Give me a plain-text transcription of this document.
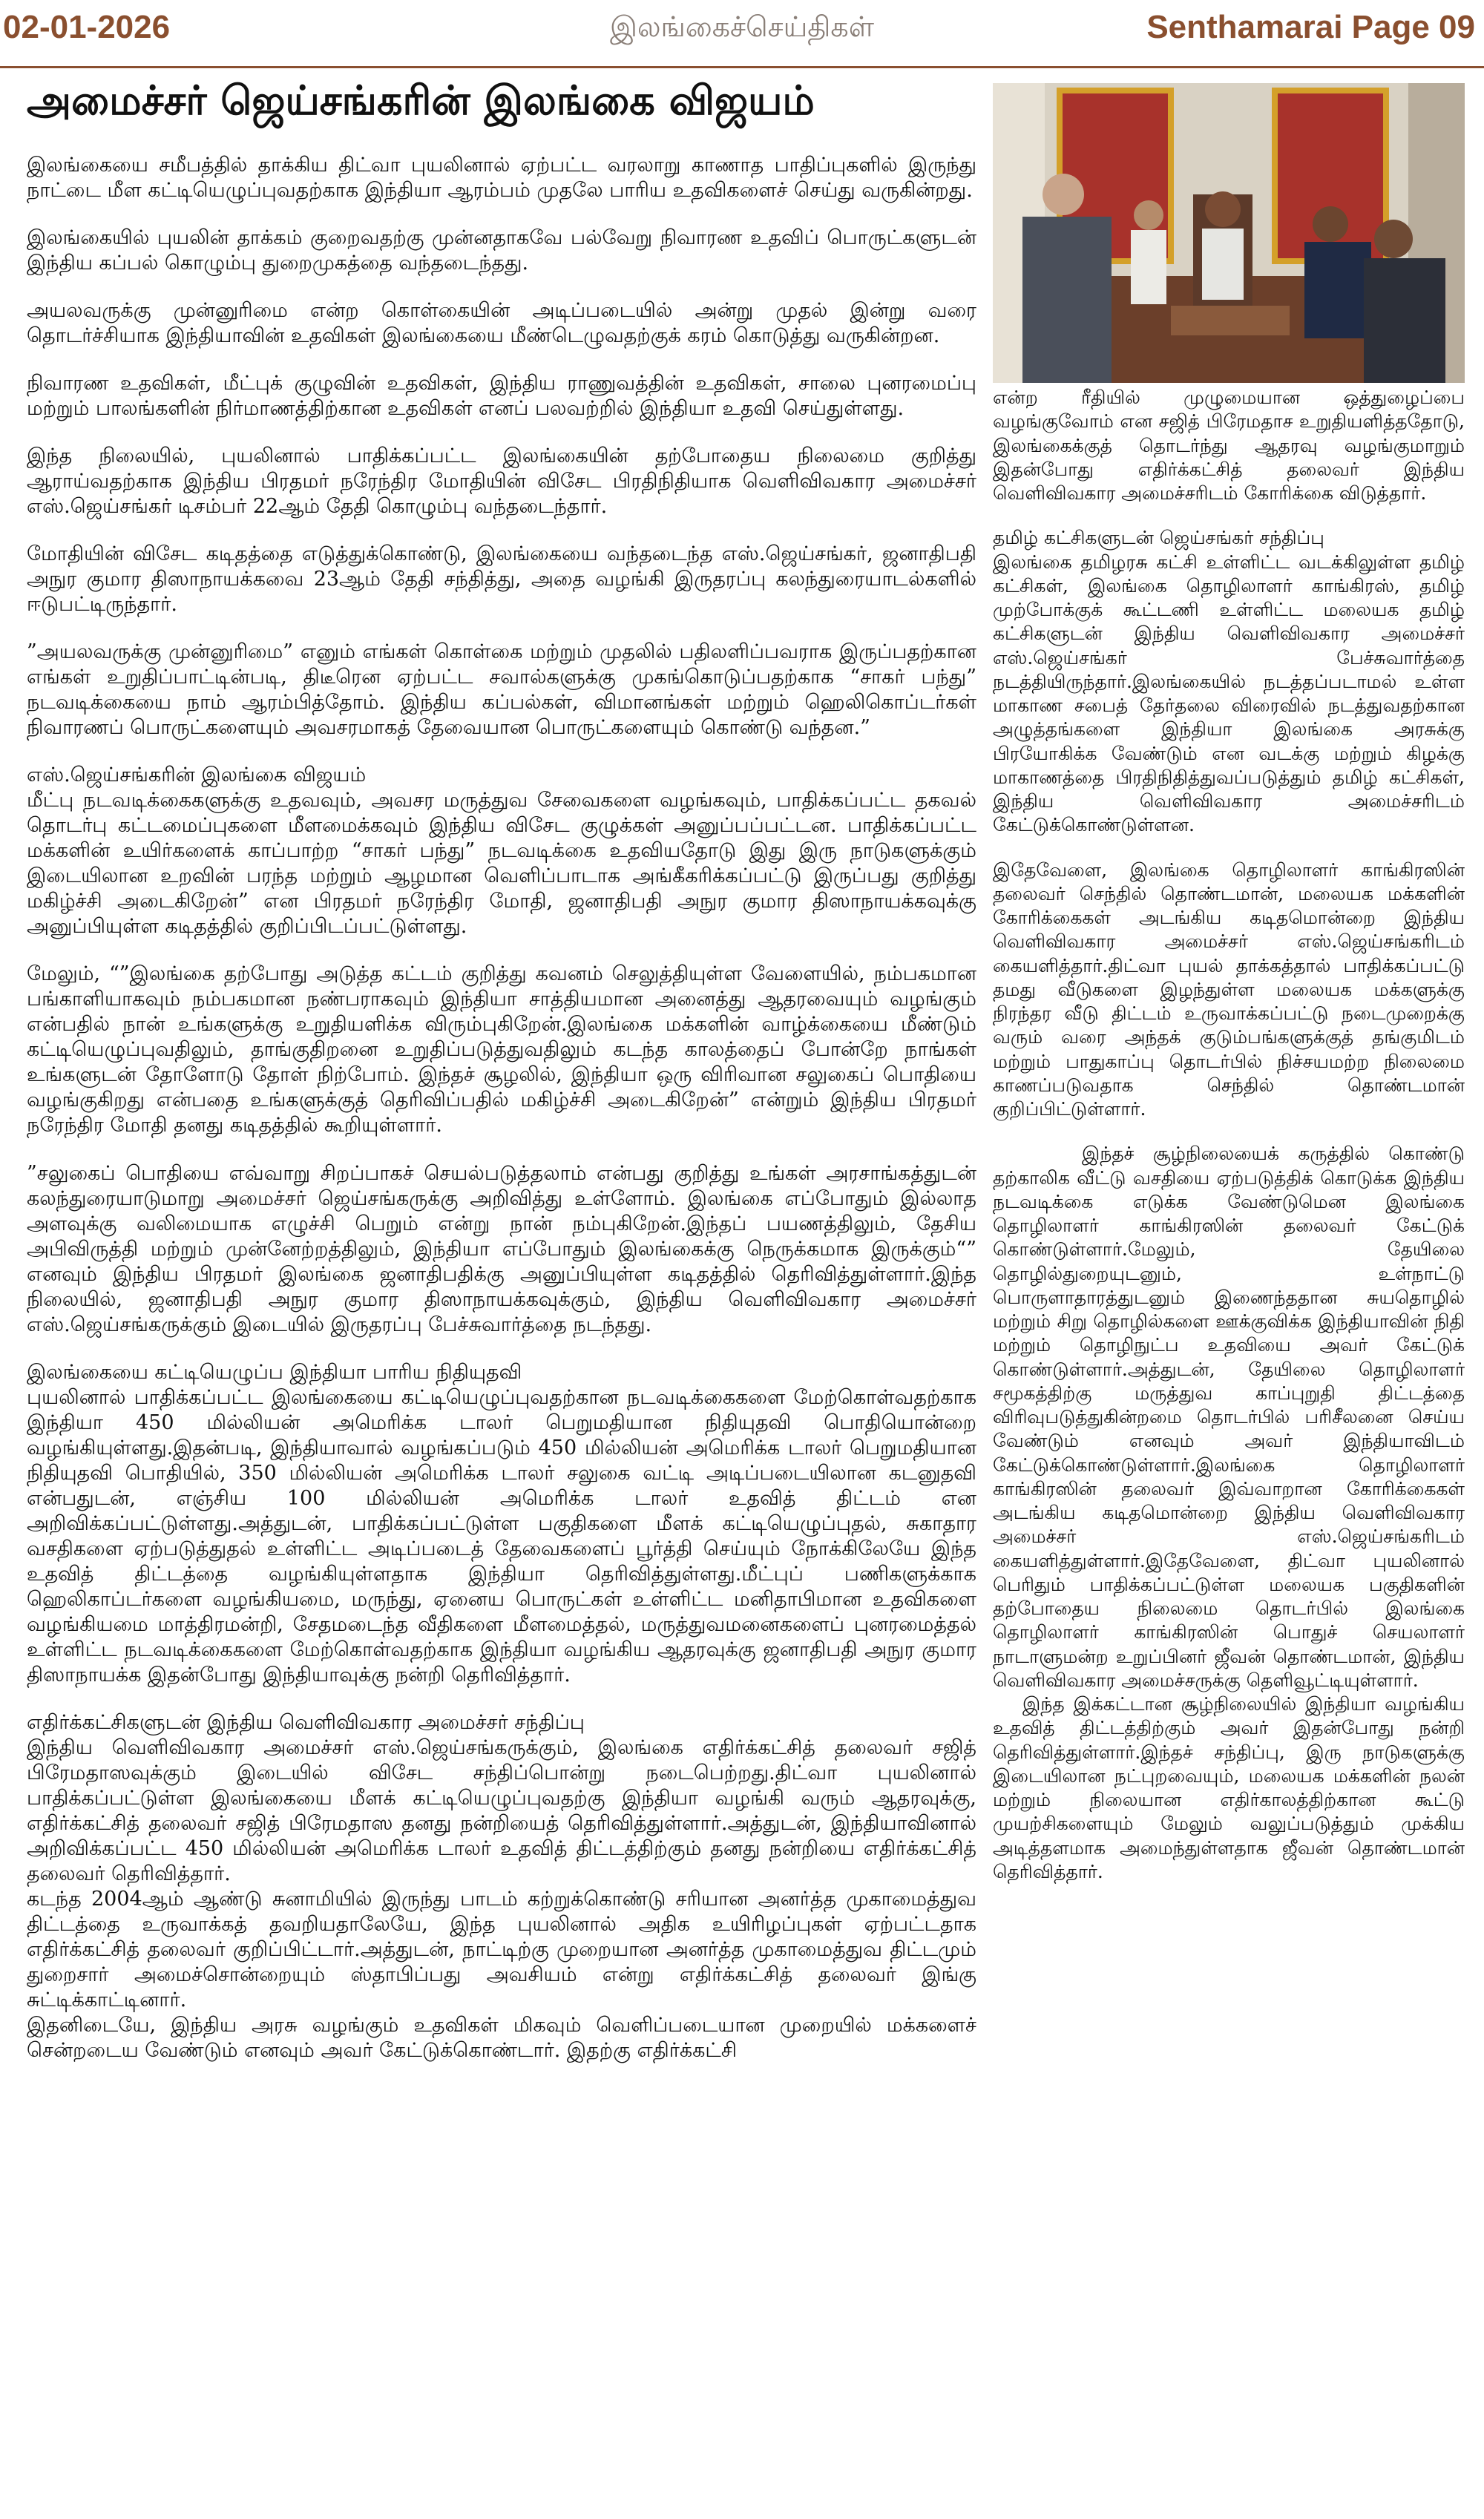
02-01-2026	இலங்கைச்செய்திகள்	Senthamarai Page 09
அமைச்சர் ஜெய்சங்கரின் இலங்கை விஜயம்

இலங்கையை சமீபத்தில் தாக்கிய திட்வா புயலினால் ஏற்பட்ட வரலாறு காணாத பாதிப்புகளில் இருந்து நாட்டை மீள கட்டியெழுப்புவதற்காக இந்தியா ஆரம்பம் முதலே பாரிய உதவிகளைச் செய்து வருகின்றது.

இலங்கையில் புயலின் தாக்கம் குறைவதற்கு முன்னதாகவே பல்வேறு நிவாரண உதவிப் பொருட்களுடன் இந்திய கப்பல் கொழும்பு துறைமுகத்தை வந்தடைந்தது.

அயலவருக்கு முன்னுரிமை என்ற கொள்கையின் அடிப்படையில் அன்று முதல் இன்று வரை தொடர்ச்சியாக இந்தியாவின் உதவிகள் இலங்கையை மீண்டெழுவதற்குக் கரம் கொடுத்து வருகின்றன.

நிவாரண உதவிகள், மீட்புக் குழுவின் உதவிகள், இந்திய ராணுவத்தின் உதவிகள், சாலை புனரமைப்பு மற்றும் பாலங்களின் நிர்மாணத்திற்கான உதவிகள் எனப் பலவற்றில் இந்தியா உதவி செய்துள்ளது.

இந்த நிலையில், புயலினால் பாதிக்கப்பட்ட இலங்கையின் தற்போதைய நிலைமை குறித்து ஆராய்வதற்காக இந்திய பிரதமர் நரேந்திர மோதியின் விசேட பிரதிநிதியாக வெளிவிவகார அமைச்சர் எஸ்.ஜெய்சங்கர் டிசம்பர் 22ஆம் தேதி கொழும்பு வந்தடைந்தார்.

மோதியின் விசேட கடிதத்தை எடுத்துக்கொண்டு, இலங்கையை வந்தடைந்த எஸ்.ஜெய்சங்கர், ஜனாதிபதி அநுர குமார திஸாநாயக்கவை 23ஆம் தேதி சந்தித்து, அதை வழங்கி இருதரப்பு கலந்துரையாடல்களில் ஈடுபட்டிருந்தார்.

”அயலவருக்கு முன்னுரிமை” எனும் எங்கள் கொள்கை மற்றும் முதலில் பதிலளிப்பவராக இருப்பதற்கான எங்கள் உறுதிப்பாட்டின்படி, திடீரென ஏற்பட்ட சவால்களுக்கு முகங்கொடுப்பதற்காக “சாகர் பந்து” நடவடிக்கையை நாம் ஆரம்பித்தோம். இந்திய கப்பல்கள், விமானங்கள் மற்றும் ஹெலிகொப்டர்கள் நிவாரணப் பொருட்களையும் அவசரமாகத் தேவையான பொருட்களையும் கொண்டு வந்தன.”

எஸ்.ஜெய்சங்கரின் இலங்கை விஜயம்

மீட்பு நடவடிக்கைகளுக்கு உதவவும், அவசர மருத்துவ சேவைகளை வழங்கவும், பாதிக்கப்பட்ட தகவல் தொடர்பு கட்டமைப்புகளை மீளமைக்கவும் இந்திய விசேட குழுக்கள் அனுப்பப்பட்டன. பாதிக்கப்பட்ட மக்களின் உயிர்களைக் காப்பாற்ற “சாகர் பந்து” நடவடிக்கை உதவியதோடு இது இரு நாடுகளுக்கும் இடையிலான உறவின் பரந்த மற்றும் ஆழமான வெளிப்பாடாக அங்கீகரிக்கப்பட்டு இருப்பது குறித்து மகிழ்ச்சி அடைகிறேன்” என பிரதமர் நரேந்திர மோதி, ஜனாதிபதி அநுர குமார திஸாநாயக்கவுக்கு அனுப்பியுள்ள கடிதத்தில் குறிப்பிடப்பட்டுள்ளது.

மேலும், “”இலங்கை தற்போது அடுத்த கட்டம் குறித்து கவனம் செலுத்தியுள்ள வேளையில், நம்பகமான பங்காளியாகவும் நம்பகமான நண்பராகவும் இந்தியா சாத்தியமான அனைத்து ஆதரவையும் வழங்கும் என்பதில் நான் உங்களுக்கு உறுதியளிக்க விரும்புகிறேன்.இலங்கை மக்களின் வாழ்க்கையை மீண்டும் கட்டியெழுப்புவதிலும், தாங்குதிறனை உறுதிப்படுத்துவதிலும் கடந்த காலத்தைப் போன்றே நாங்கள் உங்களுடன் தோளோடு தோள் நிற்போம். இந்தச் சூழலில், இந்தியா ஒரு விரிவான சலுகைப் பொதியை வழங்குகிறது என்பதை உங்களுக்குத் தெரிவிப்பதில் மகிழ்ச்சி அடைகிறேன்” என்றும் இந்திய பிரதமர் நரேந்திர மோதி தனது கடிதத்தில் கூறியுள்ளார்.

”சலுகைப் பொதியை எவ்வாறு சிறப்பாகச் செயல்படுத்தலாம் என்பது குறித்து உங்கள் அரசாங்கத்துடன் கலந்துரையாடுமாறு அமைச்சர் ஜெய்சங்கருக்கு அறிவித்து உள்ளோம். இலங்கை எப்போதும் இல்லாத அளவுக்கு வலிமையாக எழுச்சி பெறும் என்று நான் நம்புகிறேன்.இந்தப் பயணத்திலும், தேசிய அபிவிருத்தி மற்றும் முன்னேற்றத்திலும், இந்தியா எப்போதும் இலங்கைக்கு நெருக்கமாக இருக்கும்“” எனவும் இந்திய பிரதமர் இலங்கை ஜனாதிபதிக்கு அனுப்பியுள்ள கடிதத்தில் தெரிவித்துள்ளார்.இந்த நிலையில், ஜனாதிபதி அநுர குமார திஸாநாயக்கவுக்கும், இந்திய வெளிவிவகார அமைச்சர் எஸ்.ஜெய்சங்கருக்கும் இடையில் இருதரப்பு பேச்சுவார்த்தை நடந்தது.

இலங்கையை கட்டியெழுப்ப இந்தியா பாரிய நிதியுதவி

புயலினால் பாதிக்கப்பட்ட இலங்கையை கட்டியெழுப்புவதற்கான நடவடிக்கைகளை மேற்கொள்வதற்காக இந்தியா 450 மில்லியன் அமெரிக்க டாலர் பெறுமதியான நிதியுதவி பொதியொன்றை வழங்கியுள்ளது.இதன்படி, இந்தியாவால் வழங்கப்படும் 450 மில்லியன் அமெரிக்க டாலர் பெறுமதியான நிதியுதவி பொதியில், 350 மில்லியன் அமெரிக்க டாலர் சலுகை வட்டி அடிப்படையிலான கடனுதவி என்பதுடன், எஞ்சிய 100 மில்லியன் அமெரிக்க டாலர் உதவித் திட்டம் என அறிவிக்கப்பட்டுள்ளது.அத்துடன், பாதிக்கப்பட்டுள்ள பகுதிகளை மீளக் கட்டியெழுப்புதல், சுகாதார வசதிகளை ஏற்படுத்துதல் உள்ளிட்ட அடிப்படைத் தேவைகளைப் பூர்த்தி செய்யும் நோக்கிலேயே இந்த உதவித் திட்டத்தை வழங்கியுள்ளதாக இந்தியா தெரிவித்துள்ளது.மீட்புப் பணிகளுக்காக ஹெலிகாப்டர்களை வழங்கியமை, மருந்து, ஏனைய பொருட்கள் உள்ளிட்ட மனிதாபிமான உதவிகளை வழங்கியமை மாத்திரமன்றி, சேதமடைந்த வீதிகளை மீளமைத்தல், மருத்துவமனைகளைப் புனரமைத்தல் உள்ளிட்ட நடவடிக்கைகளை மேற்கொள்வதற்காக இந்தியா வழங்கிய ஆதரவுக்கு ஜனாதிபதி அநுர குமார திஸாநாயக்க இதன்போது இந்தியாவுக்கு நன்றி தெரிவித்தார்.

எதிர்க்கட்சிகளுடன் இந்திய வெளிவிவகார அமைச்சர் சந்திப்பு

இந்திய வெளிவிவகார அமைச்சர் எஸ்.ஜெய்சங்கருக்கும், இலங்கை எதிர்க்கட்சித் தலைவர் சஜித் பிரேமதாஸவுக்கும் இடையில் விசேட சந்திப்பொன்று நடைபெற்றது.திட்வா புயலினால் பாதிக்கப்பட்டுள்ள இலங்கையை மீளக் கட்டியெழுப்புவதற்கு இந்தியா வழங்கி வரும் ஆதரவுக்கு, எதிர்க்கட்சித் தலைவர் சஜித் பிரேமதாஸ தனது நன்றியைத் தெரிவித்துள்ளார்.அத்துடன், இந்தியாவினால் அறிவிக்கப்பட்ட 450 மில்லியன் அமெரிக்க டாலர் உதவித் திட்டத்திற்கும் தனது நன்றியை எதிர்க்கட்சித் தலைவர் தெரிவித்தார்.

கடந்த 2004ஆம் ஆண்டு சுனாமியில் இருந்து பாடம் கற்றுக்கொண்டு சரியான அனர்த்த முகாமைத்துவ திட்டத்தை உருவாக்கத் தவறியதாலேயே, இந்த புயலினால் அதிக உயிரிழப்புகள் ஏற்பட்டதாக எதிர்க்கட்சித் தலைவர் குறிப்பிட்டார்.அத்துடன், நாட்டிற்கு முறையான அனர்த்த முகாமைத்துவ திட்டமும் துறைசார் அமைச்சொன்றையும் ஸ்தாபிப்பது அவசியம் என்று எதிர்க்கட்சித் தலைவர் இங்கு சுட்டிக்காட்டினார்.

இதனிடையே, இந்திய அரசு வழங்கும் உதவிகள் மிகவும் வெளிப்படையான முறையில் மக்களைச் சென்றடைய வேண்டும் எனவும் அவர் கேட்டுக்கொண்டார். இதற்கு எதிர்க்கட்சி

என்ற ரீதியில் முழுமையான ஒத்துழைப்பை வழங்குவோம் என சஜித் பிரேமதாச உறுதியளித்ததோடு, இலங்கைக்குத் தொடர்ந்து ஆதரவு வழங்குமாறும் இதன்போது எதிர்க்கட்சித் தலைவர் இந்திய வெளிவிவகார அமைச்சரிடம் கோரிக்கை விடுத்தார்.

தமிழ் கட்சிகளுடன் ஜெய்சங்கர் சந்திப்பு

இலங்கை தமிழரசு கட்சி உள்ளிட்ட வடக்கிலுள்ள தமிழ் கட்சிகள், இலங்கை தொழிலாளர் காங்கிரஸ், தமிழ் முற்போக்குக் கூட்டணி உள்ளிட்ட மலையக தமிழ் கட்சிகளுடன் இந்திய வெளிவிவகார அமைச்சர் எஸ்.ஜெய்சங்கர் பேச்சுவார்த்தை நடத்தியிருந்தார்.இலங்கையில் நடத்தப்படாமல் உள்ள மாகாண சபைத் தேர்தலை விரைவில் நடத்துவதற்கான அழுத்தங்களை இந்தியா இலங்கை அரசுக்கு பிரயோகிக்க வேண்டும் என வடக்கு மற்றும் கிழக்கு மாகாணத்தை பிரதிநிதித்துவப்படுத்தும் தமிழ் கட்சிகள், இந்திய வெளிவிவகார அமைச்சரிடம் கேட்டுக்கொண்டுள்ளன.

இதேவேளை, இலங்கை தொழிலாளர் காங்கிரஸின் தலைவர் செந்தில் தொண்டமான், மலையக மக்களின் கோரிக்கைகள் அடங்கிய கடிதமொன்றை இந்திய வெளிவிவகார அமைச்சர் எஸ்.ஜெய்சங்கரிடம் கையளித்தார்.திட்வா புயல் தாக்கத்தால் பாதிக்கப்பட்டு தமது வீடுகளை இழந்துள்ள மலையக மக்களுக்கு நிரந்தர வீடு திட்டம் உருவாக்கப்பட்டு நடைமுறைக்கு வரும் வரை அந்தக் குடும்பங்களுக்குத் தங்குமிடம் மற்றும் பாதுகாப்பு தொடர்பில் நிச்சயமற்ற நிலைமை காணப்படுவதாக செந்தில் தொண்டமான் குறிப்பிட்டுள்ளார்.

இந்தச் சூழ்நிலையைக் கருத்தில் கொண்டு தற்காலிக வீட்டு வசதியை ஏற்படுத்திக் கொடுக்க இந்திய நடவடிக்கை எடுக்க வேண்டுமென இலங்கை தொழிலாளர் காங்கிரஸின் தலைவர் கேட்டுக் கொண்டுள்ளார்.மேலும், தேயிலை தொழில்துறையுடனும், உள்நாட்டு பொருளாதாரத்துடனும் இணைந்ததான சுயதொழில் மற்றும் சிறு தொழில்களை ஊக்குவிக்க இந்தியாவின் நிதி மற்றும் தொழிநுட்ப உதவியை அவர் கேட்டுக் கொண்டுள்ளார்.அத்துடன், தேயிலை தொழிலாளர் சமூகத்திற்கு மருத்துவ காப்புறுதி திட்டத்தை விரிவுபடுத்துகின்றமை தொடர்பில் பரிசீலனை செய்ய வேண்டும் எனவும் அவர் இந்தியாவிடம் கேட்டுக்கொண்டுள்ளார்.இலங்கை தொழிலாளர் காங்கிரஸின் தலைவர் இவ்வாறான கோரிக்கைகள் அடங்கிய கடிதமொன்றை இந்திய வெளிவிவகார அமைச்சர் எஸ்.ஜெய்சங்கரிடம் கையளித்துள்ளார்.இதேவேளை, திட்வா புயலினால் பெரிதும் பாதிக்கப்பட்டுள்ள மலையக பகுதிகளின் தற்போதைய நிலைமை தொடர்பில் இலங்கை தொழிலாளர் காங்கிரஸின் பொதுச் செயலாளர் நாடாளுமன்ற உறுப்பினர் ஜீவன் தொண்டமான், இந்திய வெளிவிவகார அமைச்சருக்கு தெளிவூட்டியுள்ளார்.

இந்த இக்கட்டான சூழ்நிலையில் இந்தியா வழங்கிய உதவித் திட்டத்திற்கும் அவர் இதன்போது நன்றி தெரிவித்துள்ளார்.இந்தச் சந்திப்பு, இரு நாடுகளுக்கு இடையிலான நட்புறவையும், மலையக மக்களின் நலன் மற்றும் நிலையான எதிர்காலத்திற்கான கூட்டு முயற்சிகளையும் மேலும் வலுப்படுத்தும் முக்கிய அடித்தளமாக அமைந்துள்ளதாக ஜீவன் தொண்டமான் தெரிவித்தார்.
